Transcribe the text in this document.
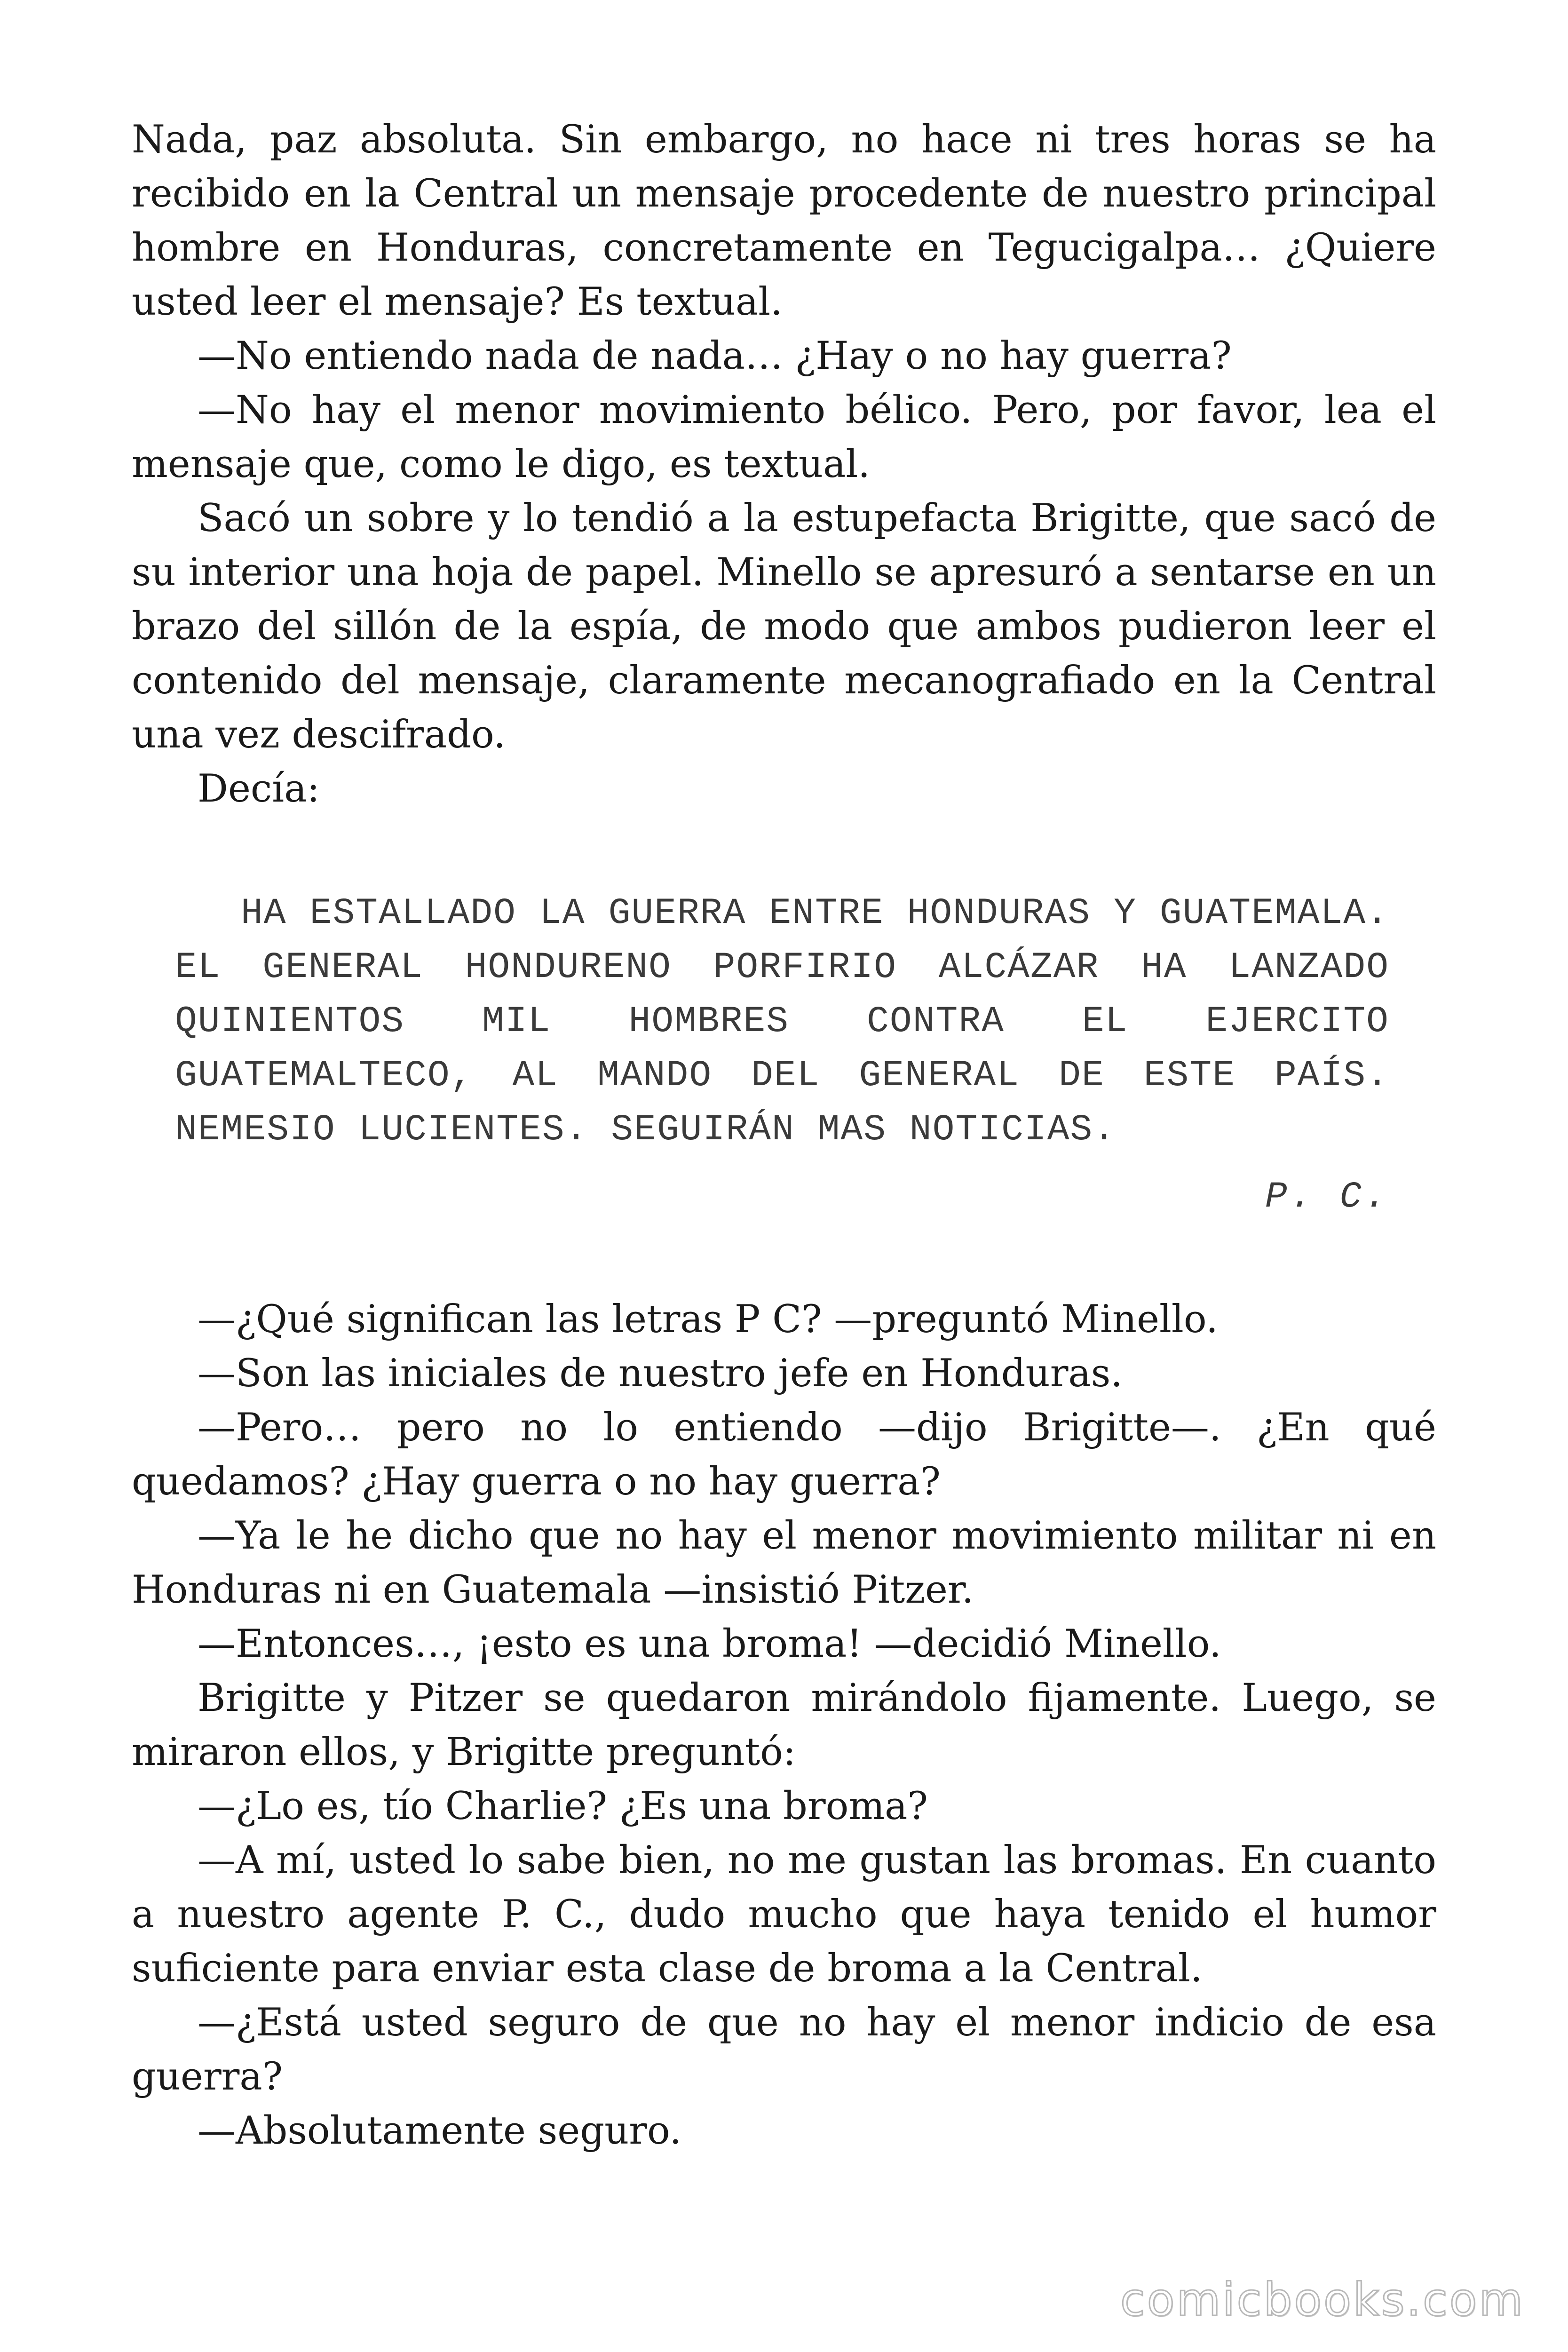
Nada, paz absoluta. Sin embargo, no hace ni tres horas se ha recibido en la Central un mensaje procedente de nuestro principal hombre en Honduras, concretamente en Tegucigalpa… ¿Quiere usted leer el mensaje? Es textual.

—No entiendo nada de nada… ¿Hay o no hay guerra?

—No hay el menor movimiento bélico. Pero, por favor, lea el mensaje que, como le digo, es textual.

Sacó un sobre y lo tendió a la estupefacta Brigitte, que sacó de su interior una hoja de papel. Minello se apresuró a sentarse en un brazo del sillón de la espía, de modo que ambos pudieron leer el contenido del mensaje, claramente mecanografiado en la Central una vez descifrado.

Decía:

HA ESTALLADO LA GUERRA ENTRE HONDURAS Y GUATEMALA. EL GENERAL HONDURENO PORFIRIO ALCÁZAR HA LANZADO QUINIENTOS MIL HOMBRES CONTRA EL EJERCITO GUATEMALTECO, AL MANDO DEL GENERAL DE ESTE PAÍS. NEMESIO LUCIENTES. SEGUIRÁN MAS NOTICIAS.

P. C.

—¿Qué significan las letras P C? —preguntó Minello.

—Son las iniciales de nuestro jefe en Honduras.

—Pero… pero no lo entiendo —dijo Brigitte—. ¿En qué quedamos? ¿Hay guerra o no hay guerra?

—Ya le he dicho que no hay el menor movimiento militar ni en Honduras ni en Guatemala —insistió Pitzer.

—Entonces…, ¡esto es una broma! —decidió Minello.

Brigitte y Pitzer se quedaron mirándolo fijamente. Luego, se miraron ellos, y Brigitte preguntó:

—¿Lo es, tío Charlie? ¿Es una broma?

—A mí, usted lo sabe bien, no me gustan las bromas. En cuanto a nuestro agente P. C., dudo mucho que haya tenido el humor suficiente para enviar esta clase de broma a la Central.

—¿Está usted seguro de que no hay el menor indicio de esa guerra?

—Absolutamente seguro.

comicbooks.com
